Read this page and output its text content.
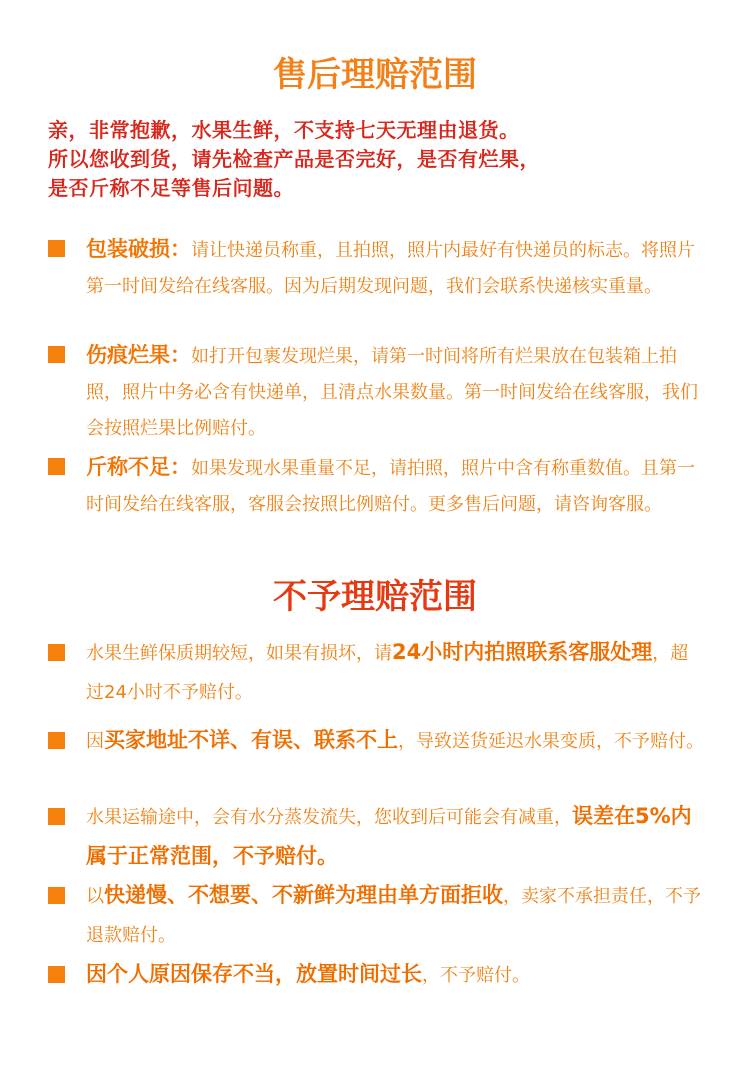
售后理赔范围
亲，非常抱歉，水果生鲜，不支持七天无理由退货。
所以您收到货，请先检查产品是否完好，是否有烂果，
是否斤称不足等售后问题。
包装破损：请让快递员称重，且拍照，照片内最好有快递员的标志。将照片第一时间发给在线客服。因为后期发现问题，我们会联系快递核实重量。
伤痕烂果：如打开包裹发现烂果，请第一时间将所有烂果放在包装箱上拍照，照片中务必含有快递单，且清点水果数量。第一时间发给在线客服，我们会按照烂果比例赔付。
斤称不足：如果发现水果重量不足，请拍照，照片中含有称重数值。且第一时间发给在线客服，客服会按照比例赔付。更多售后问题，请咨询客服。
不予理赔范围
水果生鲜保质期较短，如果有损坏，请24小时内拍照联系客服处理，超过24小时不予赔付。
因买家地址不详、有误、联系不上，导致送货延迟水果变质，不予赔付。
水果运输途中，会有水分蒸发流失，您收到后可能会有减重，误差在5%内属于正常范围，不予赔付。
以快递慢、不想要、不新鲜为理由单方面拒收，卖家不承担责任，不予退款赔付。
因个人原因保存不当，放置时间过长，不予赔付。
